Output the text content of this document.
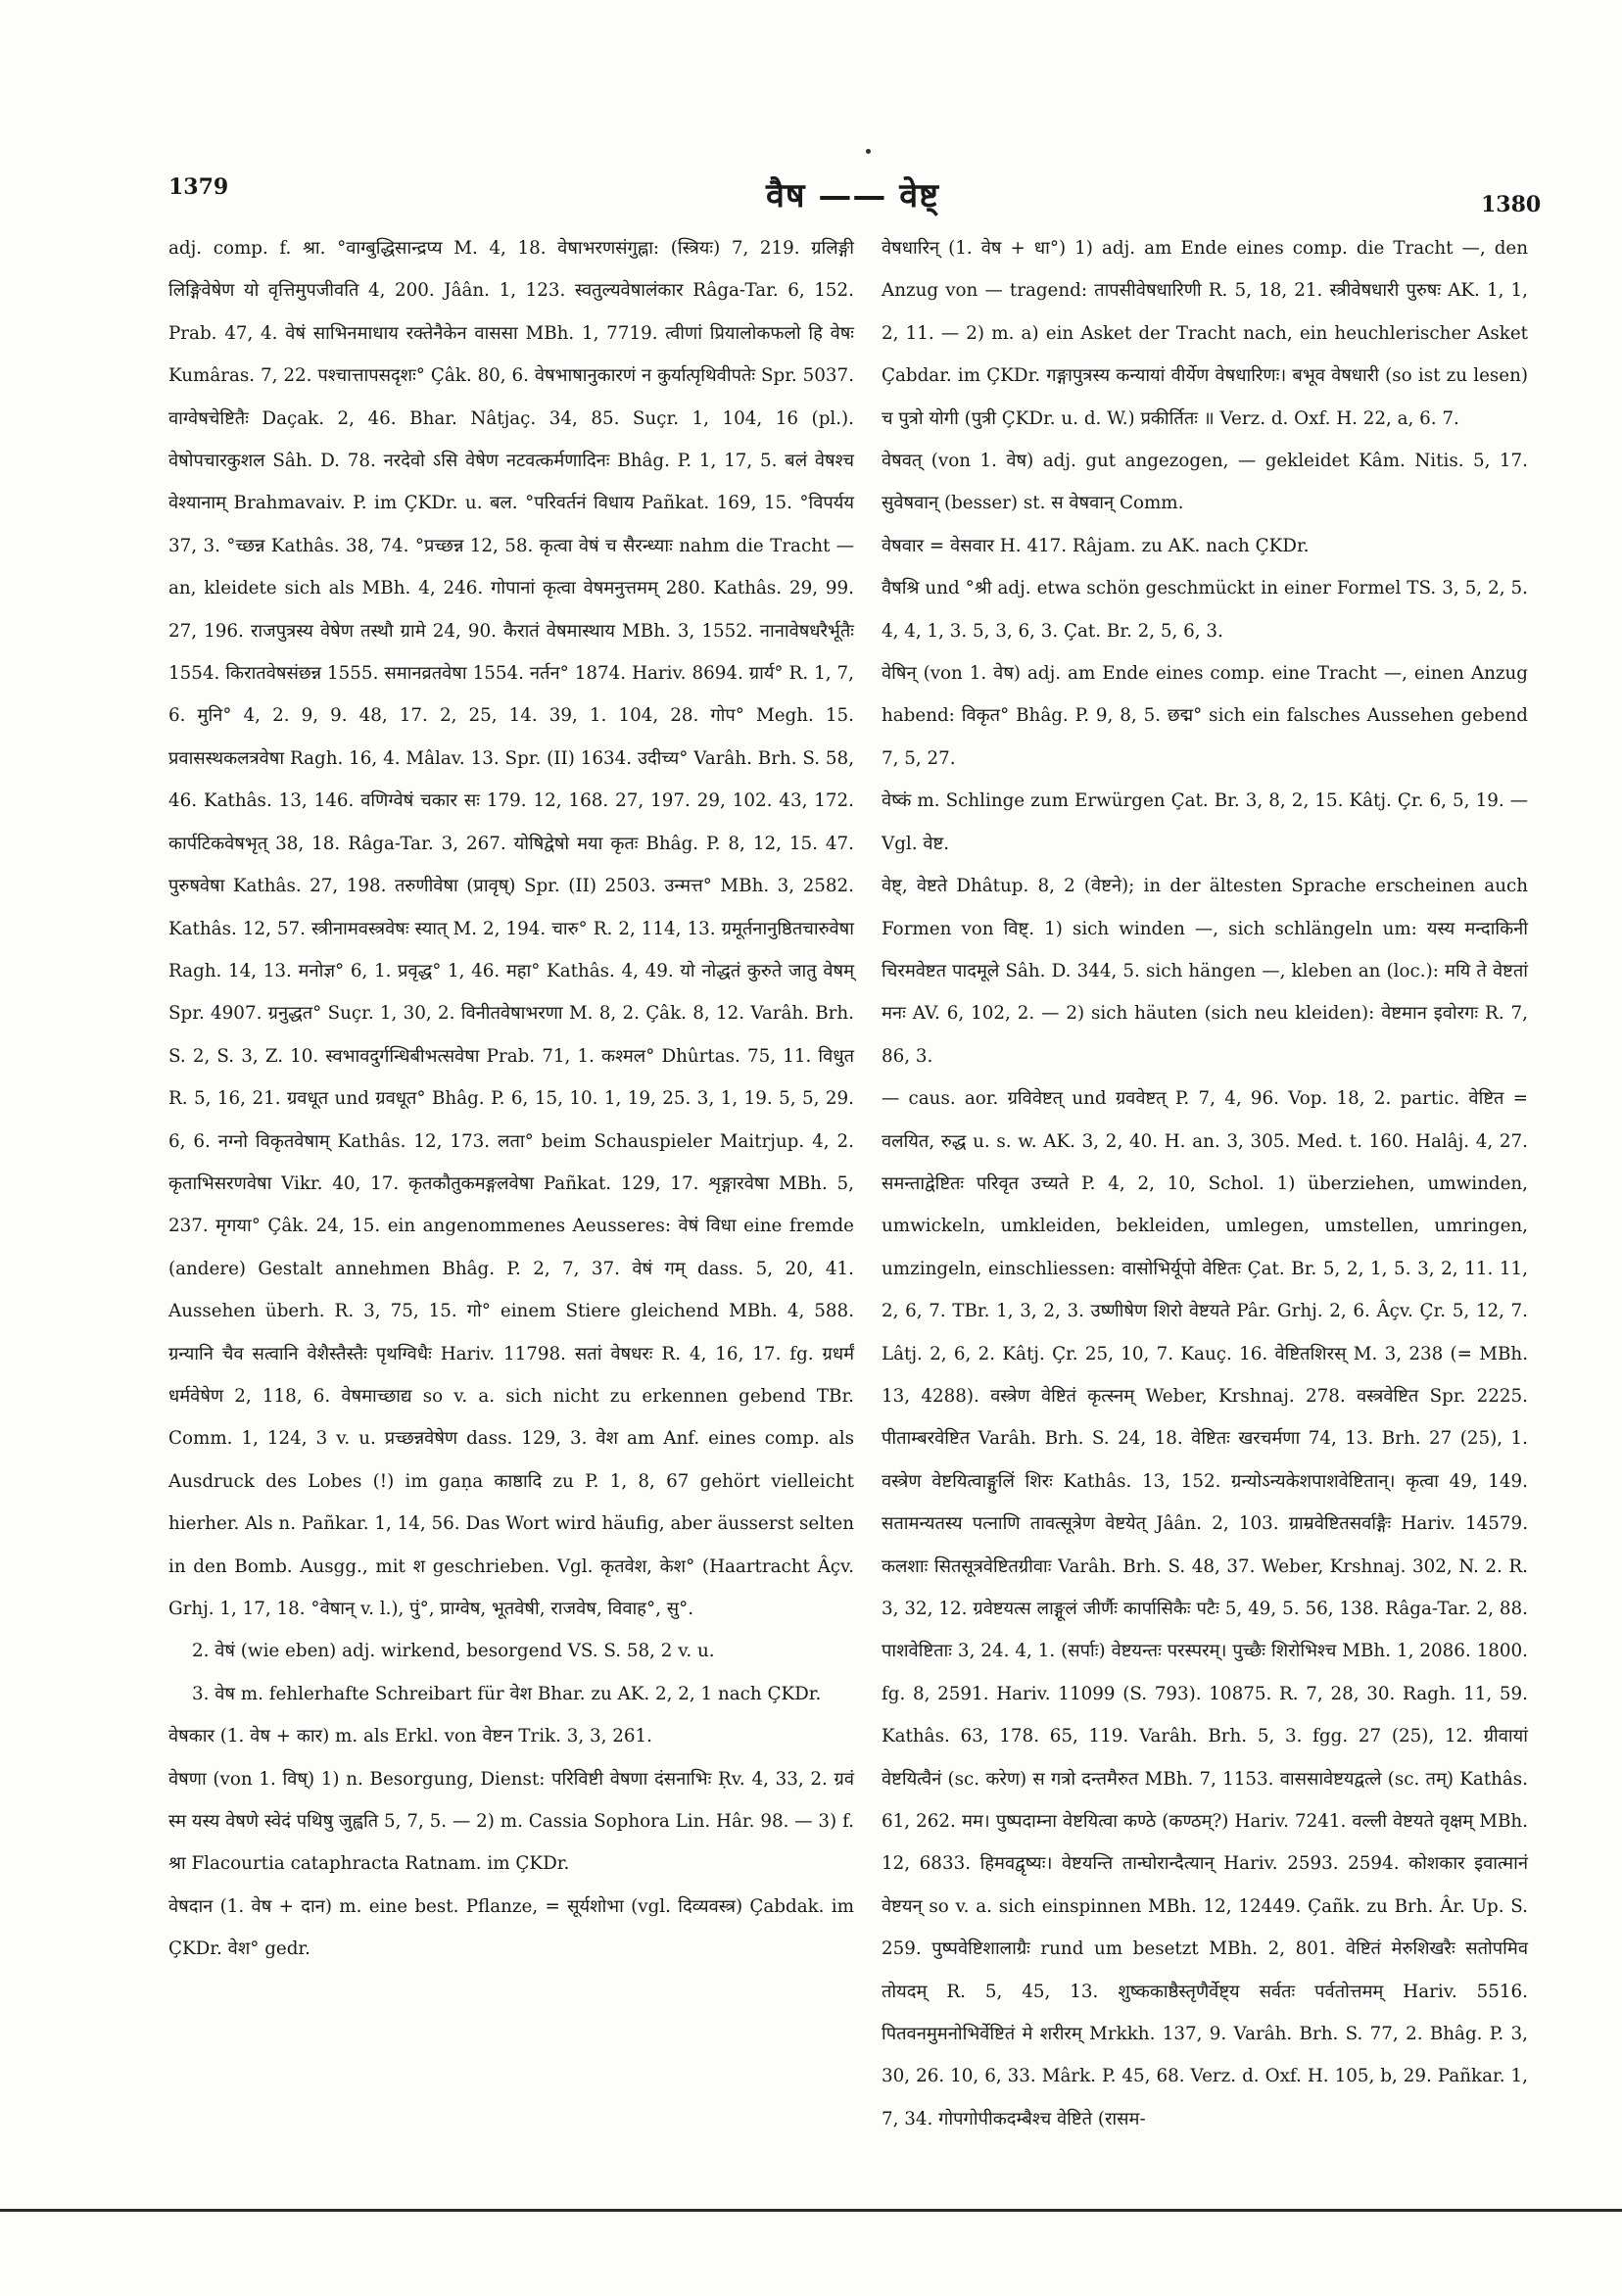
1379	वैष —— वेष्ट्	1380

adj. comp. f. श्रा. °वाग्बुद्धिसान्द्रप्य M. 4, 18. वेषाभरणसंगुह्ना: (स्त्रियः) 7, 219. ग्रलिङ्गी लिङ्गिवेषेण यो वृत्तिमुपजीवति 4, 200. Jâân. 1, 123. स्वतुल्यवेषालंकार Râga-Tar. 6, 152. Prab. 47, 4. वेषं साभिनमाधाय रक्तेनैकेन वाससा MBh. 1, 7719. त्वीणां प्रियालोकफलो हि वेषः Kumâras. 7, 22. पश्चात्तापसदृशः° Çâk. 80, 6. वेषभाषानुकारणं न कुर्यात्पृथिवीपतेः Spr. 5037. वाग्वेषचेष्टितैः Daçak. 2, 46. Bhar. Nâtjaç. 34, 85. Suçr. 1, 104, 16 (pl.). वेषोपचारकुशल Sâh. D. 78. नरदेवो ऽसि वेषेण नटवत्कर्मणादिनः Bhâg. P. 1, 17, 5. बलं वेषश्च वेश्यानाम् Brahmavaiv. P. im ÇKDr. u. बल. °परिवर्तनं विधाय Pañkat. 169, 15. °विपर्यय 37, 3. °च्छन्न Kathâs. 38, 74. °प्रच्छन्न 12, 58. कृत्वा वेषं च सैरन्ध्याः nahm die Tracht — an, kleidete sich als MBh. 4, 246. गोपानां कृत्वा वेषमनुत्तमम् 280. Kathâs. 29, 99. 27, 196. राजपुत्रस्य वेषेण तस्थौ ग्रामे 24, 90. कैरातं वेषमास्थाय MBh. 3, 1552. नानावेषधरैर्भूतैः 1554. किरातवेषसंछन्न 1555. समानव्रतवेषा 1554. नर्तन° 1874. Hariv. 8694. ग्रार्य° R. 1, 7, 6. मुनि° 4, 2. 9, 9. 48, 17. 2, 25, 14. 39, 1. 104, 28. गोप° Megh. 15. प्रवासस्थकलत्रवेषा Ragh. 16, 4. Mâlav. 13. Spr. (II) 1634. उदीच्य° Varâh. Brh. S. 58, 46. Kathâs. 13, 146. वणिग्वेषं चकार सः 179. 12, 168. 27, 197. 29, 102. 43, 172. कार्पटिकवेषभृत् 38, 18. Râga-Tar. 3, 267. योषिद्वेषो मया कृतः Bhâg. P. 8, 12, 15. 47. पुरुषवेषा Kathâs. 27, 198. तरुणीवेषा (प्रावृष्) Spr. (II) 2503. उन्मत्त° MBh. 3, 2582. Kathâs. 12, 57. स्त्रीनामवस्त्रवेषः स्यात् M. 2, 194. चारु° R. 2, 114, 13. ग्रमूर्तनानुष्ठितचारुवेषा Ragh. 14, 13. मनोज्ञ° 6, 1. प्रवृद्ध° 1, 46. महा° Kathâs. 4, 49. यो नोद्धतं कुरुते जातु वेषम् Spr. 4907. ग्रनुद्धत° Suçr. 1, 30, 2. विनीतवेषाभरणा M. 8, 2. Çâk. 8, 12. Varâh. Brh. S. 2, S. 3, Z. 10. स्वभावदुर्गन्धिबीभत्सवेषा Prab. 71, 1. कश्मल° Dhûrtas. 75, 11. विधुत R. 5, 16, 21. ग्रवधूत und ग्रवधूत° Bhâg. P. 6, 15, 10. 1, 19, 25. 3, 1, 19. 5, 5, 29. 6, 6. नग्नो विकृतवेषाम् Kathâs. 12, 173. लता° beim Schauspieler Maitrjup. 4, 2. कृताभिसरणवेषा Vikr. 40, 17. कृतकौतुकमङ्गलवेषा Pañkat. 129, 17. शृङ्गारवेषा MBh. 5, 237. मृगया° Çâk. 24, 15. ein angenommenes Aeusseres: वेषं विधा eine fremde (andere) Gestalt annehmen Bhâg. P. 2, 7, 37. वेषं गम् dass. 5, 20, 41. Aussehen überh. R. 3, 75, 15. गो° einem Stiere gleichend MBh. 4, 588. ग्रन्यानि चैव सत्वानि वेशैस्तैस्तैः पृथग्विधैः Hariv. 11798. सतां वेषधरः R. 4, 16, 17. fg. ग्रधर्मं धर्मवेषेण 2, 118, 6. वेषमाच्छाद्य so v. a. sich nicht zu erkennen gebend TBr. Comm. 1, 124, 3 v. u. प्रच्छन्नवेषेण dass. 129, 3. वेश am Anf. eines comp. als Ausdruck des Lobes (!) im gaṇa काष्ठादि zu P. 1, 8, 67 gehört vielleicht hierher. Als n. Pañkar. 1, 14, 56. Das Wort wird häufig, aber äusserst selten in den Bomb. Ausgg., mit श geschrieben. Vgl. कृतवेश, केश° (Haartracht Âçv. Grhj. 1, 17, 18. °वेषान् v. l.), पुं°, प्राग्वेष, भूतवेषी, राजवेष, विवाह°, सु°.

2. वेषं (wie eben) adj. wirkend, besorgend VS. S. 58, 2 v. u.

3. वेष m. fehlerhafte Schreibart für वेश Bhar. zu AK. 2, 2, 1 nach ÇKDr.

वेषकार (1. वेष + कार) m. als Erkl. von वेष्टन Trik. 3, 3, 261.

वेषणा (von 1. विष्) 1) n. Besorgung, Dienst: परिविष्टी वेषणा दंसनाभिः Ṛv. 4, 33, 2. ग्रवं स्म यस्य वेषणे स्वेदं पथिषु जुह्वति 5, 7, 5. — 2) m. Cassia Sophora Lin. Hâr. 98. — 3) f. श्रा Flacourtia cataphracta Ratnam. im ÇKDr.

वेषदान (1. वेष + दान) m. eine best. Pflanze, = सूर्यशोभा (vgl. दिव्यवस्त्र) Çabdak. im ÇKDr. वेश° gedr.

वेषधारिन् (1. वेष + धा°) 1) adj. am Ende eines comp. die Tracht —, den Anzug von — tragend: तापसीवेषधारिणी R. 5, 18, 21. स्त्रीवेषधारी पुरुषः AK. 1, 1, 2, 11. — 2) m. a) ein Asket der Tracht nach, ein heuchlerischer Asket Çabdar. im ÇKDr. गङ्गापुत्रस्य कन्यायां वीर्येण वेषधारिणः। बभूव वेषधारी (so ist zu lesen) च पुत्रो योगी (पुत्री ÇKDr. u. d. W.) प्रकीर्तितः ॥ Verz. d. Oxf. H. 22, a, 6. 7.

वेषवत् (von 1. वेष) adj. gut angezogen, — gekleidet Kâm. Nitis. 5, 17. सुवेषवान् (besser) st. स वेषवान् Comm.

वेषवार = वेसवार H. 417. Râjam. zu AK. nach ÇKDr.

वैषश्रि und °श्री adj. etwa schön geschmückt in einer Formel TS. 3, 5, 2, 5. 4, 4, 1, 3. 5, 3, 6, 3. Çat. Br. 2, 5, 6, 3.

वेषिन् (von 1. वेष) adj. am Ende eines comp. eine Tracht —, einen Anzug habend: विकृत° Bhâg. P. 9, 8, 5. छद्म° sich ein falsches Aussehen gebend 7, 5, 27.

वेष्कं m. Schlinge zum Erwürgen Çat. Br. 3, 8, 2, 15. Kâtj. Çr. 6, 5, 19. — Vgl. वेष्ट.

वेष्ट्, वेष्टते Dhâtup. 8, 2 (वेष्टने); in der ältesten Sprache erscheinen auch Formen von विष्ट्. 1) sich winden —, sich schlängeln um: यस्य मन्दाकिनी चिरमवेष्टत पादमूले Sâh. D. 344, 5. sich hängen —, kleben an (loc.): मयि ते वेष्टतां मनः AV. 6, 102, 2. — 2) sich häuten (sich neu kleiden): वेष्टमान इवोरगः R. 7, 86, 3.

— caus. aor. ग्रविवेष्टत् und ग्रववेष्टत् P. 7, 4, 96. Vop. 18, 2. partic. वेष्टित = वलयित, रुद्ध u. s. w. AK. 3, 2, 40. H. an. 3, 305. Med. t. 160. Halâj. 4, 27. समन्ताद्वेष्टितः परिवृत उच्यते P. 4, 2, 10, Schol. 1) überziehen, umwinden, umwickeln, umkleiden, bekleiden, umlegen, umstellen, umringen, umzingeln, einschliessen: वासोभिर्यूपो वेष्टितः Çat. Br. 5, 2, 1, 5. 3, 2, 11. 11, 2, 6, 7. TBr. 1, 3, 2, 3. उष्णीषेण शिरो वेष्टयते Pâr. Grhj. 2, 6. Âçv. Çr. 5, 12, 7. Lâtj. 2, 6, 2. Kâtj. Çr. 25, 10, 7. Kauç. 16. वेष्टितशिरस् M. 3, 238 (= MBh. 13, 4288). वस्त्रेण वेष्टितं कृत्स्नम् Weber, Krshnaj. 278. वस्त्रवेष्टित Spr. 2225. पीताम्बरवेष्टित Varâh. Brh. S. 24, 18. वेष्टितः खरचर्मणा 74, 13. Brh. 27 (25), 1. वस्त्रेण वेष्टयित्वाङ्गुलिं शिरः Kathâs. 13, 152. ग्रन्योऽन्यकेशपाशवेष्टितान्। कृत्वा 49, 149. सतामन्यतस्य पत्नाणि तावत्सूत्रेण वेष्टयेत् Jâân. 2, 103. ग्राम्रवेष्टितसर्वाङ्गैः Hariv. 14579. कलशाः सितसूत्रवेष्टितग्रीवाः Varâh. Brh. S. 48, 37. Weber, Krshnaj. 302, N. 2. R. 3, 32, 12. ग्रवेष्टयत्स लाङ्गूलं जीर्णैः कार्पासिकैः पटैः 5, 49, 5. 56, 138. Râga-Tar. 2, 88. पाशवेष्टिताः 3, 24. 4, 1. (सर्पाः) वेष्टयन्तः परस्परम्। पुच्छैः शिरोभिश्च MBh. 1, 2086. 1800. fg. 8, 2591. Hariv. 11099 (S. 793). 10875. R. 7, 28, 30. Ragh. 11, 59. Kathâs. 63, 178. 65, 119. Varâh. Brh. 5, 3. fgg. 27 (25), 12. ग्रीवायां वेष्टयित्वैनं (sc. करेण) स गत्रो दन्तमैरुत MBh. 7, 1153. वाससावेष्टयद्वत्ले (sc. तम्) Kathâs. 61, 262. मम। पुष्पदाम्ना वेष्टयित्वा कण्ठे (कण्ठम्?) Hariv. 7241. वल्ली वेष्टयते वृक्षम् MBh. 12, 6833. हिमवद्वृष्यः। वेष्टयन्ति तान्घोरान्दैत्यान् Hariv. 2593. 2594. कोशकार इवात्मानं वेष्टयन् so v. a. sich einspinnen MBh. 12, 12449. Çañk. zu Brh. Âr. Up. S. 259. पुष्पवेष्टिशालाग्रैः rund um besetzt MBh. 2, 801. वेष्टितं मेरुशिखरैः सतोपमिव तोयदम् R. 5, 45, 13. शुष्ककाष्ठैस्तृणैर्वेष्ट्य सर्वतः पर्वतोत्तमम् Hariv. 5516. पितवनमुमनोभिर्वेष्टितं मे शरीरम् Mrkkh. 137, 9. Varâh. Brh. S. 77, 2. Bhâg. P. 3, 30, 26. 10, 6, 33. Mârk. P. 45, 68. Verz. d. Oxf. H. 105, b, 29. Pañkar. 1, 7, 34. गोपगोपीकदम्बैश्च वेष्टिते (रासम-
